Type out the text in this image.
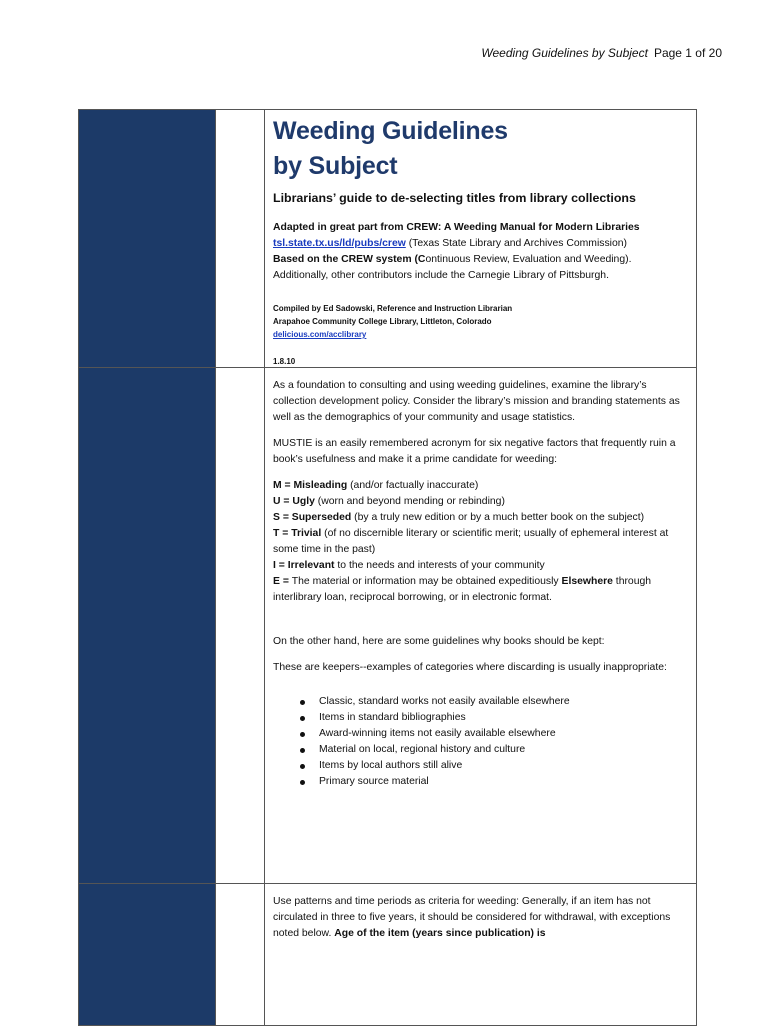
Weeding Guidelines by Subject Page 1 of 20
Weeding Guidelines
by Subject

Librarians’ guide to de-selecting titles from library collections

Adapted in great part from CREW: A Weeding Manual for Modern Libraries

tsl.state.tx.us/ld/pubs/crew (Texas State Library and Archives Commission)

Based on the CREW system (Continuous Review, Evaluation and Weeding).

Additionally, other contributors include the Carnegie Library of Pittsburgh.

Compiled by Ed Sadowski, Reference and Instruction Librarian

Arapahoe Community College Library, Littleton, Colorado

delicious.com/acclibrary

1.8.10

As a foundation to consulting and using weeding guidelines, examine the library’s collection development policy. Consider the library’s mission and branding statements as well as the demographics of your community and usage statistics.

MUSTIE is an easily remembered acronym for six negative factors that frequently ruin a book’s usefulness and make it a prime candidate for weeding:

M = Misleading (and/or factually inaccurate)

U = Ugly (worn and beyond mending or rebinding)

S = Superseded (by a truly new edition or by a much better book on the subject)

T = Trivial (of no discernible literary or scientific merit; usually of ephemeral interest at some time in the past)

I = Irrelevant to the needs and interests of your community

E = The material or information may be obtained expeditiously Elsewhere through interlibrary loan, reciprocal borrowing, or in electronic format.

On the other hand, here are some guidelines why books should be kept:

These are keepers--examples of categories where discarding is usually inappropriate:

Classic, standard works not easily available elsewhere
Items in standard bibliographies
Award-winning items not easily available elsewhere
Material on local, regional history and culture
Items by local authors still alive
Primary source material

Use patterns and time periods as criteria for weeding: Generally, if an item has not circulated in three to five years, it should be considered for withdrawal, with exceptions noted below. Age of the item (years since publication) is
